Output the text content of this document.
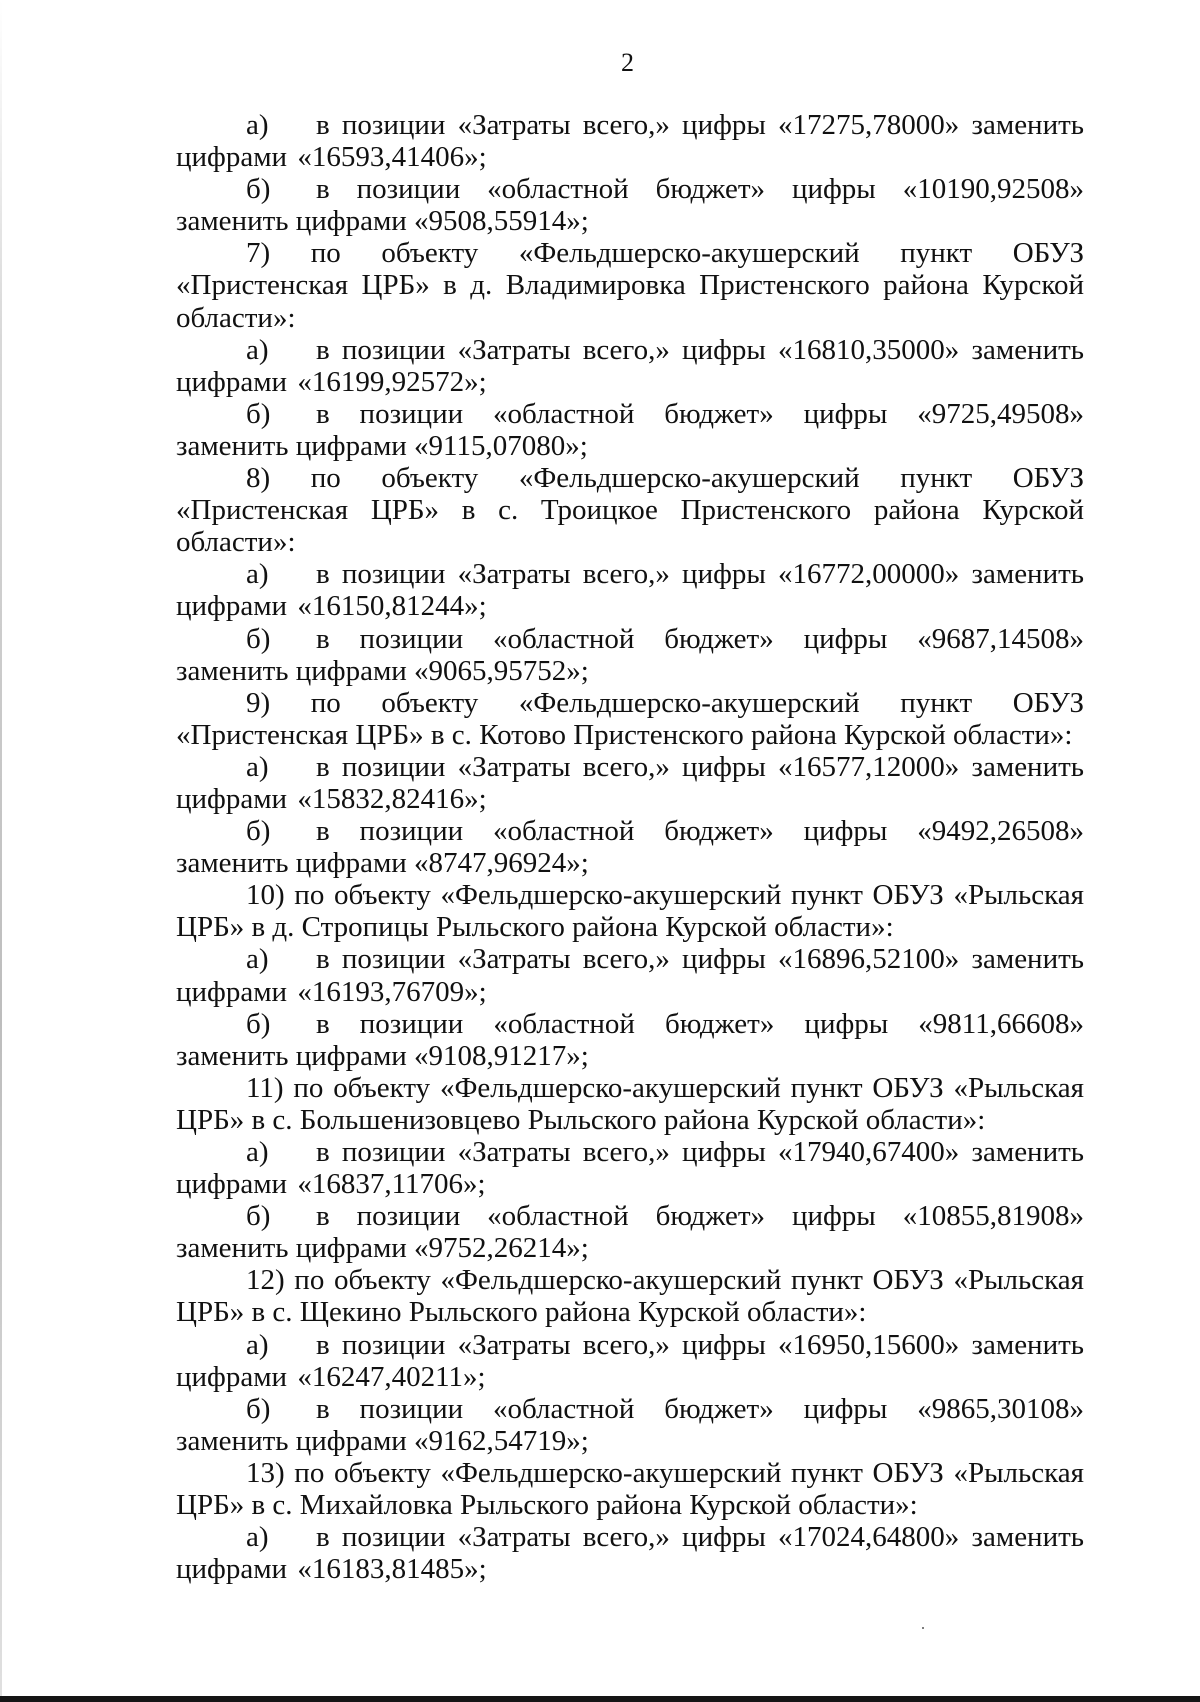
2

а) в позиции «Затраты всего,» цифры «17275,78000» заменить цифрами «16593,41406»;

б) в позиции «областной бюджет» цифры «10190,92508» заменить цифрами «9508,55914»;

7) по объекту «Фельдшерско-акушерский пункт ОБУЗ «Пристенская ЦРБ» в д. Владимировка Пристенского района Курской области»:

а) в позиции «Затраты всего,» цифры «16810,35000» заменить цифрами «16199,92572»;

б) в позиции «областной бюджет» цифры «9725,49508» заменить цифрами «9115,07080»;

8) по объекту «Фельдшерско-акушерский пункт ОБУЗ «Пристенская ЦРБ» в с. Троицкое Пристенского района Курской области»:

а) в позиции «Затраты всего,» цифры «16772,00000» заменить цифрами «16150,81244»;

б) в позиции «областной бюджет» цифры «9687,14508» заменить цифрами «9065,95752»;

9) по объекту «Фельдшерско-акушерский пункт ОБУЗ «Пристенская ЦРБ» в с. Котово Пристенского района Курской области»:

а) в позиции «Затраты всего,» цифры «16577,12000» заменить цифрами «15832,82416»;

б) в позиции «областной бюджет» цифры «9492,26508» заменить цифрами «8747,96924»;

10) по объекту «Фельдшерско-акушерский пункт ОБУЗ «Рыльская ЦРБ» в д. Стропицы Рыльского района Курской области»:

а) в позиции «Затраты всего,» цифры «16896,52100» заменить цифрами «16193,76709»;

б) в позиции «областной бюджет» цифры «9811,66608» заменить цифрами «9108,91217»;

11) по объекту «Фельдшерско-акушерский пункт ОБУЗ «Рыльская ЦРБ» в с. Большенизовцево Рыльского района Курской области»:

а) в позиции «Затраты всего,» цифры «17940,67400» заменить цифрами «16837,11706»;

б) в позиции «областной бюджет» цифры «10855,81908» заменить цифрами «9752,26214»;

12) по объекту «Фельдшерско-акушерский пункт ОБУЗ «Рыльская ЦРБ» в с. Щекино Рыльского района Курской области»:

а) в позиции «Затраты всего,» цифры «16950,15600» заменить цифрами «16247,40211»;

б) в позиции «областной бюджет» цифры «9865,30108» заменить цифрами «9162,54719»;

13) по объекту «Фельдшерско-акушерский пункт ОБУЗ «Рыльская ЦРБ» в с. Михайловка Рыльского района Курской области»:

а) в позиции «Затраты всего,» цифры «17024,64800» заменить цифрами «16183,81485»;
